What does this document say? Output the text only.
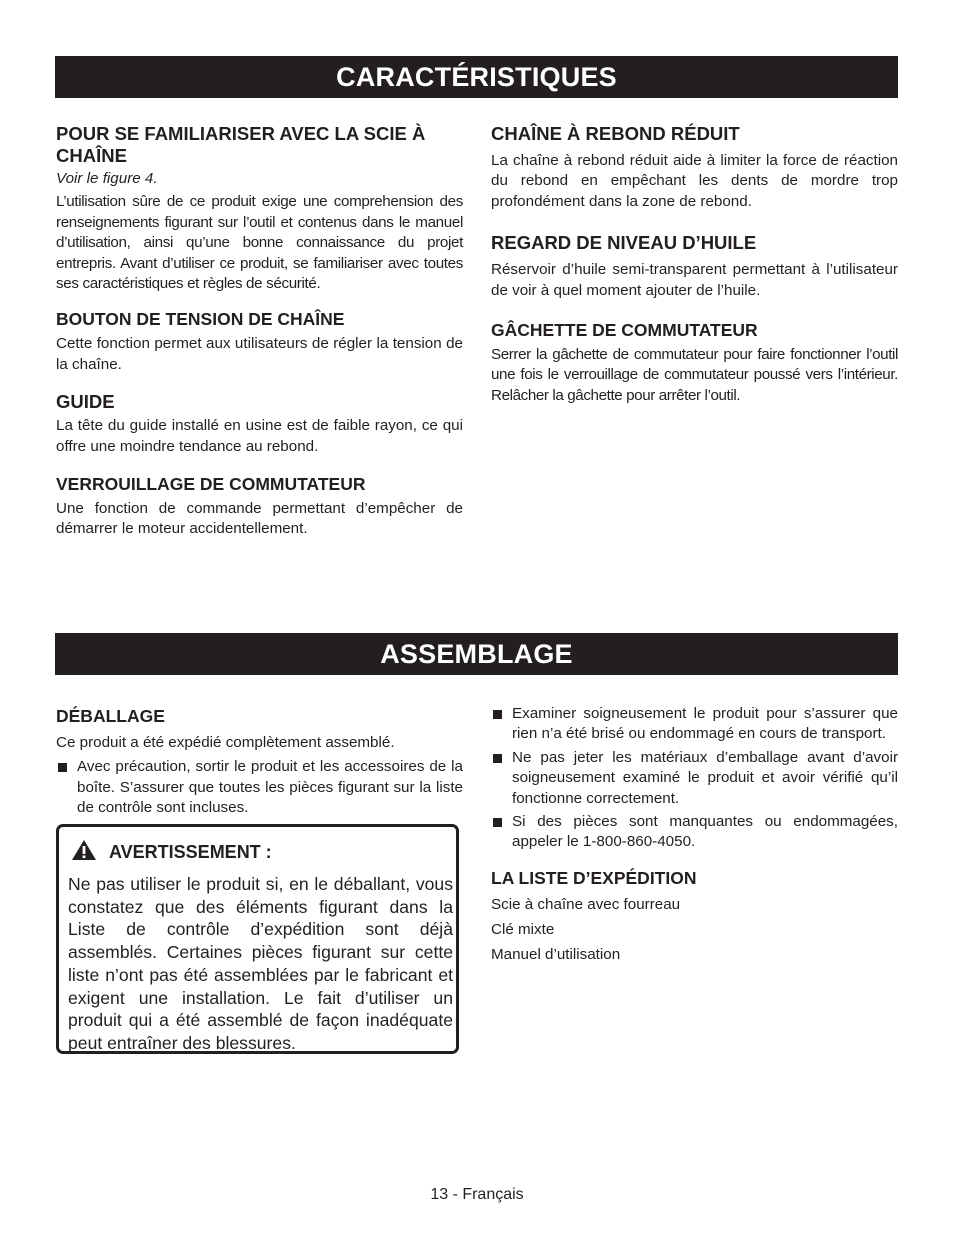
CARACTÉRISTIQUES
POUR SE FAMILIARISER AVEC LA SCIE À CHAÎNE

Voir le figure 4.

L’utilisation sûre de ce produit exige une comprehension des renseignements figurant sur l’outil et contenus dans le manuel d’utilisation, ainsi qu’une bonne connaissance du projet entrepris. Avant d’utiliser ce produit, se familiariser avec toutes ses caractéristiques et règles de sécurité.

BOUTON DE TENSION DE CHAÎNE

Cette fonction permet aux utilisateurs de régler la tension de la chaîne.

GUIDE

La tête du guide installé en usine est de faible rayon, ce qui offre une moindre tendance au rebond.

VERROUILLAGE DE COMMUTATEUR

Une fonction de commande permettant d’empêcher de démarrer le moteur accidentellement.

CHAÎNE À REBOND RÉDUIT

La chaîne à rebond réduit aide à limiter la force de réaction du rebond en empêchant les dents de mordre trop profondément dans la zone de rebond.

REGARD DE NIVEAU D’HUILE

Réservoir d’huile semi-transparent permettant à l’utilisateur de voir à quel moment ajouter de l’huile.

GÂCHETTE DE COMMUTATEUR

Serrer la gâchette de commutateur pour faire fonctionner l’outil une fois le verrouillage de commutateur poussé vers l’intérieur. Relâcher la gâchette pour arrêter l’outil.

ASSEMBLAGE
DÉBALLAGE

Ce produit a été expédié complètement assemblé.

Avec précaution, sortir le produit et les accessoires de la boîte. S’assurer que toutes les pièces figurant sur la liste de contrôle sont incluses.
AVERTISSEMENT :

Ne pas utiliser le produit si, en le déballant, vous constatez que des éléments figurant dans la Liste de contrôle d’expédition sont déjà assemblés. Certaines pièces figurant sur cette liste n’ont pas été assemblées par le fabricant et exigent une installation. Le fait d’utiliser un produit qui a été assemblé de façon inadéquate peut entraîner des blessures.

Examiner soigneusement le produit pour s’assurer que rien n’a été brisé ou endommagé en cours de transport.
Ne pas jeter les matériaux d’emballage avant d’avoir soigneusement examiné le produit et avoir vérifié qu’il fonctionne correctement.
Si des pièces sont manquantes ou endommagées, appeler le 1-800-860-4050.
LA LISTE D’EXPÉDITION

Scie à chaîne avec fourreau

Clé mixte

Manuel d’utilisation

13 - Français
